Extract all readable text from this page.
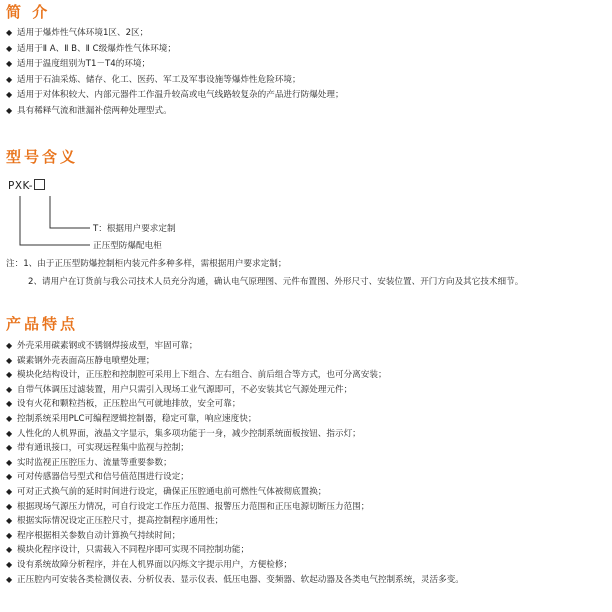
简 介
◆ 适用于爆炸性气体环境1区、2区；
◆ 适用于Ⅱ A、Ⅱ B、Ⅱ C级爆炸性气体环境；
◆ 适用于温度组别为T1－T4的环境；
◆ 适用于石油采炼、储存、化工、医药、军工及军事设施等爆炸性危险环境；
◆ 适用于对体积较大、内部元器件工作温升较高或电气线路较复杂的产品进行防爆处理；
◆ 具有稀释气流和泄漏补偿两种处理型式。
型号含义
PXK-
T：根据用户要求定制
正压型防爆配电柜
注：1、由于正压型防爆控制柜内装元件多种多样，需根据用户要求定制；
2、请用户在订货前与我公司技术人员充分沟通，确认电气原理图、元件布置图、外形尺寸、安装位置、开门方向及其它技术细节。
产品特点
◆ 外壳采用碳素钢或不锈钢焊接成型，牢固可靠；
◆ 碳素钢外壳表面高压静电喷塑处理；
◆ 模块化结构设计，正压腔和控制腔可采用上下组合、左右组合、前后组合等方式，也可分离安装；
◆ 自带气体调压过滤装置，用户只需引入现场工业气源即可，不必安装其它气源处理元件；
◆ 设有火花和颗粒挡板，正压腔出气可就地排放，安全可靠；
◆ 控制系统采用PLC可编程逻辑控制器，稳定可靠，响应速度快；
◆ 人性化的人机界面，液晶文字显示，集多项功能于一身，减少控制系统面板按钮、指示灯；
◆ 带有通讯接口，可实现远程集中监视与控制；
◆ 实时监视正压腔压力、流量等重要参数；
◆ 可对传感器信号型式和信号值范围进行设定；
◆ 可对正式换气前的延时时间进行设定，确保正压腔通电前可燃性气体被彻底置换；
◆ 根据现场气源压力情况，可自行设定工作压力范围、报警压力范围和正压电源切断压力范围；
◆ 根据实际情况设定正压腔尺寸，提高控制程序通用性；
◆ 程序根据相关参数自动计算换气持续时间；
◆ 模块化程序设计，只需载入不同程序即可实现不同控制功能；
◆ 设有系统故障分析程序，并在人机界面以闪烁文字提示用户，方便检修；
◆ 正压腔内可安装各类检测仪表、分析仪表、显示仪表、低压电器、变频器、软起动器及各类电气控制系统，灵活多变。
